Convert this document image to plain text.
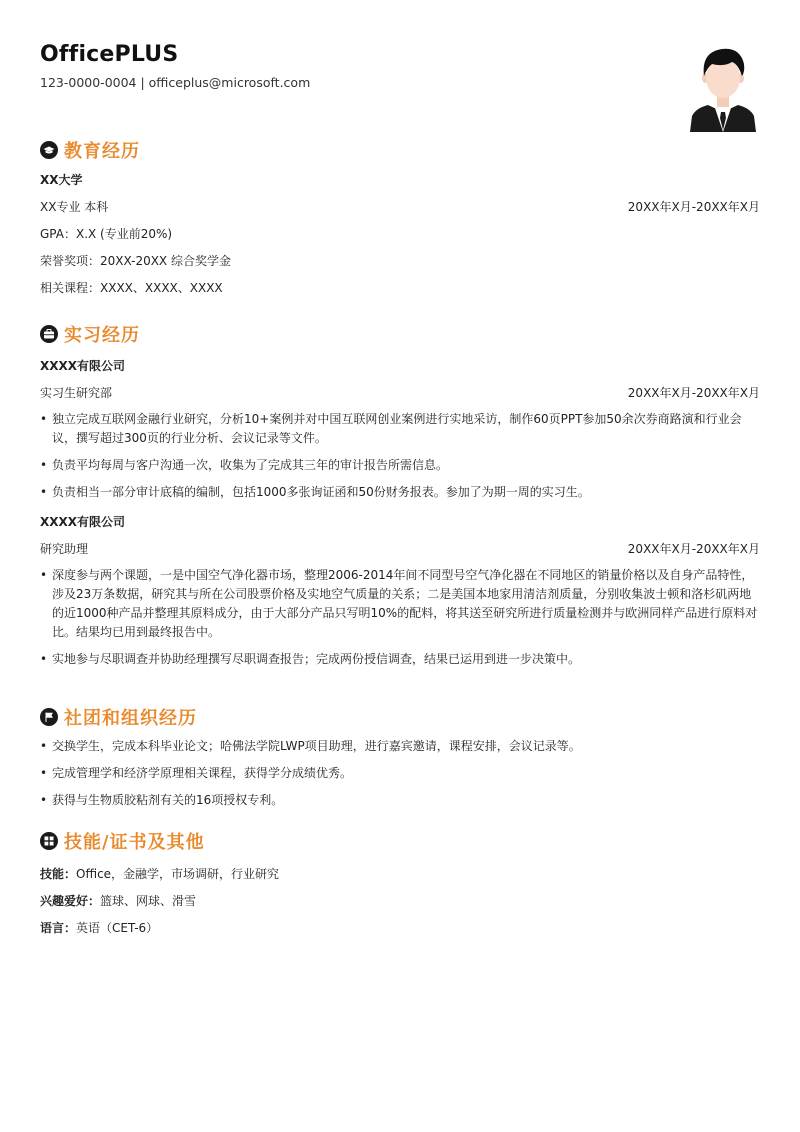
OfficePLUS
123-0000-0004 | officeplus@microsoft.com
教育经历
XX大学
XX专业 本科	20XX年X月-20XX年X月
GPA：X.X (专业前20%)
荣誉奖项：20XX-20XX 综合奖学金
相关课程：XXXX、XXXX、XXXX
实习经历
XXXX有限公司
实习生研究部	20XX年X月-20XX年X月
• 独立完成互联网金融行业研究，分析10+案例并对中国互联网创业案例进行实地采访，制作60页PPT参加50余次券商路演和行业会议，撰写超过300页的行业分析、会议记录等文件。
• 负责平均每周与客户沟通一次，收集为了完成其三年的审计报告所需信息。
• 负责相当一部分审计底稿的编制，包括1000多张询证函和50份财务报表。参加了为期一周的实习生。
XXXX有限公司
研究助理	20XX年X月-20XX年X月
• 深度参与两个课题，一是中国空气净化器市场，整理2006-2014年间不同型号空气净化器在不同地区的销量价格以及自身产品特性，涉及23万条数据，研究其与所在公司股票价格及实地空气质量的关系；二是美国本地家用清洁剂质量，分别收集波士顿和洛杉矶两地的近1000种产品并整理其原料成分，由于大部分产品只写明10%的配料，将其送至研究所进行质量检测并与欧洲同样产品进行原料对比。结果均已用到最终报告中。
• 实地参与尽职调查并协助经理撰写尽职调查报告；完成两份授信调查，结果已运用到进一步决策中。
社团和组织经历
• 交换学生，完成本科毕业论文；哈佛法学院LWP项目助理，进行嘉宾邀请，课程安排，会议记录等。
• 完成管理学和经济学原理相关课程，获得学分成绩优秀。
• 获得与生物质胶粘剂有关的16项授权专利。
技能/证书及其他
技能： Office，金融学，市场调研，行业研究
兴趣爱好： 篮球、网球、滑雪
语言： 英语（CET-6）
